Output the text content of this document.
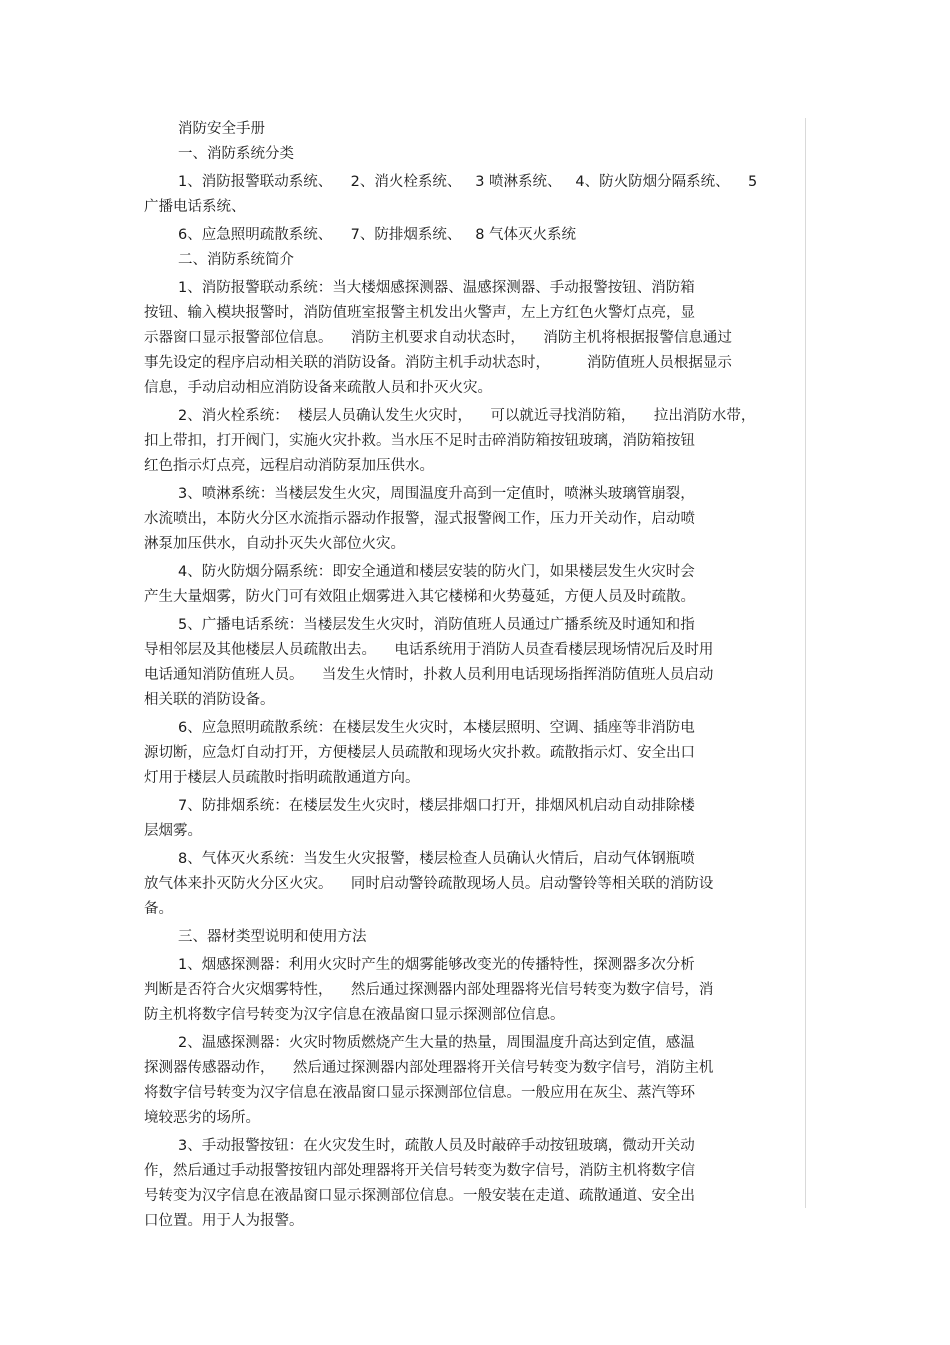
消防安全手册
一、消防系统分类
1、消防报警联动系统、    2、消火栓系统、   3 喷淋系统、   4、防火防烟分隔系统、    5
广播电话系统、
6、应急照明疏散系统、    7、防排烟系统、   8 气体灭火系统
二、消防系统简介
1、消防报警联动系统：当大楼烟感探测器、温感探测器、手动报警按钮、消防箱
按钮、输入模块报警时，消防值班室报警主机发出火警声，左上方红色火警灯点亮，显
示器窗口显示报警部位信息。    消防主机要求自动状态时，    消防主机将根据报警信息通过
事先设定的程序启动相关联的消防设备。消防主机手动状态时，        消防值班人员根据显示
信息，手动启动相应消防设备来疏散人员和扑灭火灾。
2、消火栓系统：  楼层人员确认发生火灾时，    可以就近寻找消防箱，    拉出消防水带，
扣上带扣，打开阀门，实施火灾扑救。当水压不足时击碎消防箱按钮玻璃，消防箱按钮
红色指示灯点亮，远程启动消防泵加压供水。
3、喷淋系统：当楼层发生火灾，周围温度升高到一定值时，喷淋头玻璃管崩裂，
水流喷出，本防火分区水流指示器动作报警，湿式报警阀工作，压力开关动作，启动喷
淋泵加压供水，自动扑灭失火部位火灾。
4、防火防烟分隔系统：即安全通道和楼层安装的防火门，如果楼层发生火灾时会
产生大量烟雾，防火门可有效阻止烟雾进入其它楼梯和火势蔓延，方便人员及时疏散。
5、广播电话系统：当楼层发生火灾时，消防值班人员通过广播系统及时通知和指
导相邻层及其他楼层人员疏散出去。    电话系统用于消防人员查看楼层现场情况后及时用
电话通知消防值班人员。    当发生火情时，扑救人员利用电话现场指挥消防值班人员启动
相关联的消防设备。
6、应急照明疏散系统：在楼层发生火灾时，本楼层照明、空调、插座等非消防电
源切断，应急灯自动打开，方便楼层人员疏散和现场火灾扑救。疏散指示灯、安全出口
灯用于楼层人员疏散时指明疏散通道方向。
7、防排烟系统：在楼层发生火灾时，楼层排烟口打开，排烟风机启动自动排除楼
层烟雾。
8、气体灭火系统：当发生火灾报警，楼层检查人员确认火情后，启动气体钢瓶喷
放气体来扑灭防火分区火灾。    同时启动警铃疏散现场人员。启动警铃等相关联的消防设
备。
三、器材类型说明和使用方法
1、烟感探测器：利用火灾时产生的烟雾能够改变光的传播特性，探测器多次分析
判断是否符合火灾烟雾特性，    然后通过探测器内部处理器将光信号转变为数字信号，消
防主机将数字信号转变为汉字信息在液晶窗口显示探测部位信息。
2、温感探测器：火灾时物质燃烧产生大量的热量，周围温度升高达到定值，感温
探测器传感器动作，    然后通过探测器内部处理器将开关信号转变为数字信号，消防主机
将数字信号转变为汉字信息在液晶窗口显示探测部位信息。一般应用在灰尘、蒸汽等环
境较恶劣的场所。
3、手动报警按钮：在火灾发生时，疏散人员及时敲碎手动按钮玻璃，微动开关动
作，然后通过手动报警按钮内部处理器将开关信号转变为数字信号，消防主机将数字信
号转变为汉字信息在液晶窗口显示探测部位信息。一般安装在走道、疏散通道、安全出
口位置。用于人为报警。
